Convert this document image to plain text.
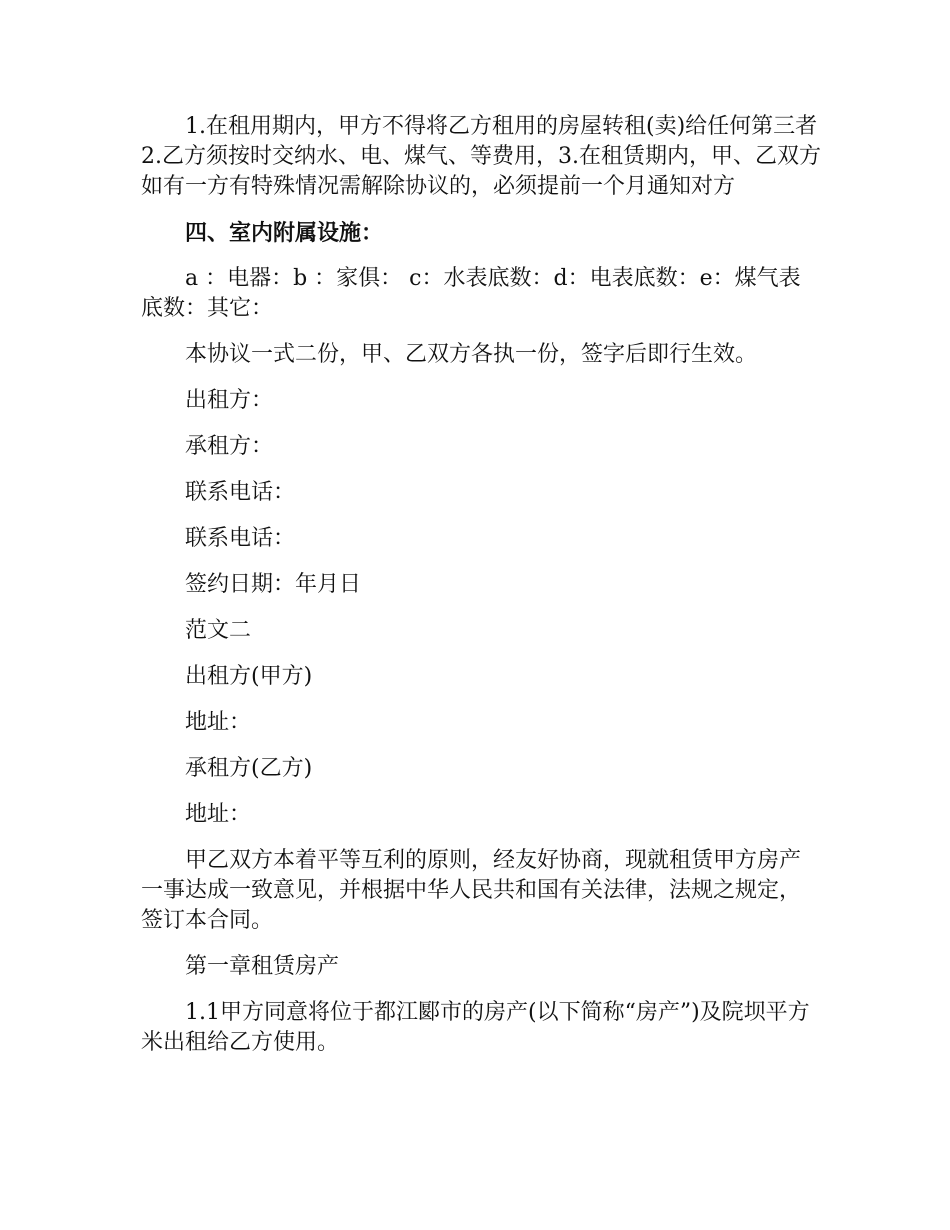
1.在租用期内，甲方不得将乙方租用的房屋转租(卖)给任何第三者2.乙方须按时交纳水、电、煤气、等费用，3.在租赁期内，甲、乙双方如有一方有特殊情况需解除协议的，必须提前一个月通知对方

四、室内附属设施：

a ：电器：b ：家俱： c：水表底数：d：电表底数：e：煤气表底数：其它：

本协议一式二份，甲、乙双方各执一份，签字后即行生效。

出租方：

承租方：

联系电话：

联系电话：

签约日期：年月日

范文二

出租方(甲方)

地址：

承租方(乙方)

地址：

甲乙双方本着平等互利的原则，经友好协商，现就租赁甲方房产一事达成一致意见，并根据中华人民共和国有关法律，法规之规定，签订本合同。

第一章租赁房产

1.1甲方同意将位于都江郾市的房产(以下简称“房产”)及院坝平方米出租给乙方使用。
